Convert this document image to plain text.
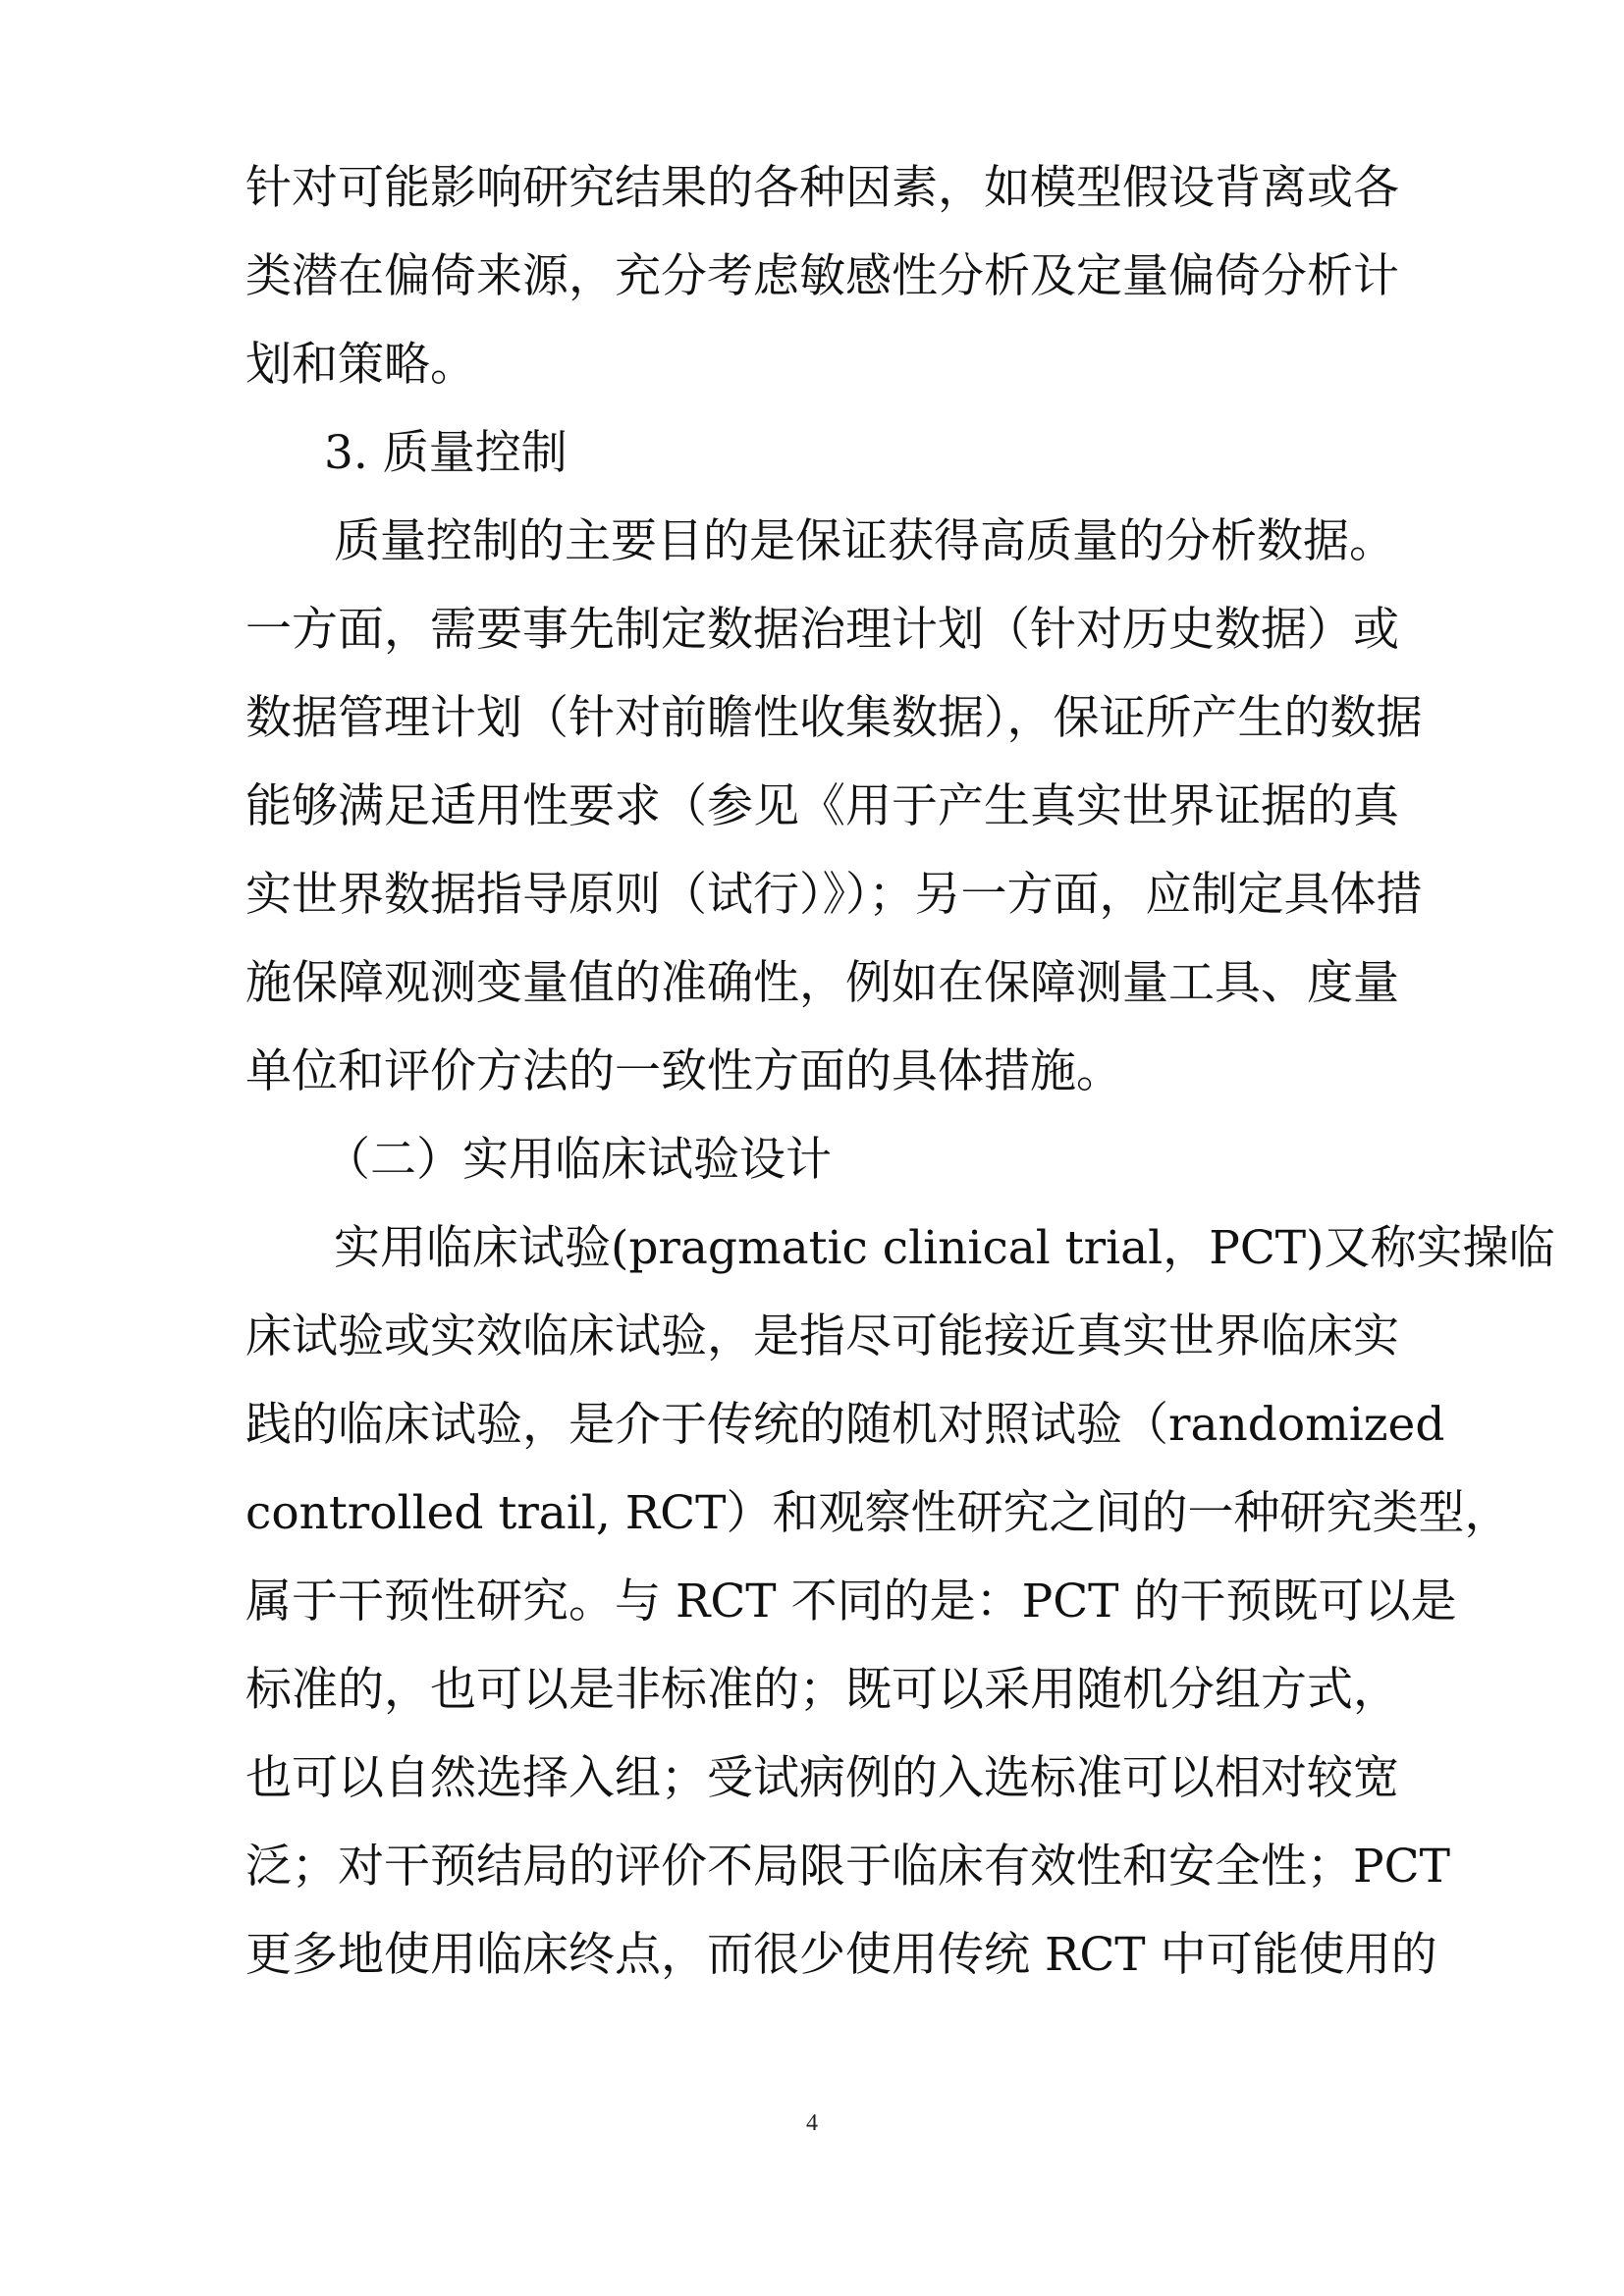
针对可能影响研究结果的各种因素，如模型假设背离或各
类潜在偏倚来源，充分考虑敏感性分析及定量偏倚分析计
划和策略。
3. 质量控制
质量控制的主要目的是保证获得高质量的分析数据。
一方面，需要事先制定数据治理计划（针对历史数据）或
数据管理计划（针对前瞻性收集数据），保证所产生的数据
能够满足适用性要求（参见《用于产生真实世界证据的真
实世界数据指导原则（试行）》）；另一方面，应制定具体措
施保障观测变量值的准确性，例如在保障测量工具、度量
单位和评价方法的一致性方面的具体措施。
（二）实用临床试验设计
实用临床试验(pragmatic clinical trial，PCT)又称实操临
床试验或实效临床试验，是指尽可能接近真实世界临床实
践的临床试验，是介于传统的随机对照试验（randomized
controlled trail, RCT）和观察性研究之间的一种研究类型，
属于干预性研究。与 RCT 不同的是：PCT 的干预既可以是
标准的，也可以是非标准的；既可以采用随机分组方式，
也可以自然选择入组；受试病例的入选标准可以相对较宽
泛；对干预结局的评价不局限于临床有效性和安全性；PCT
更多地使用临床终点，而很少使用传统 RCT 中可能使用的
4
